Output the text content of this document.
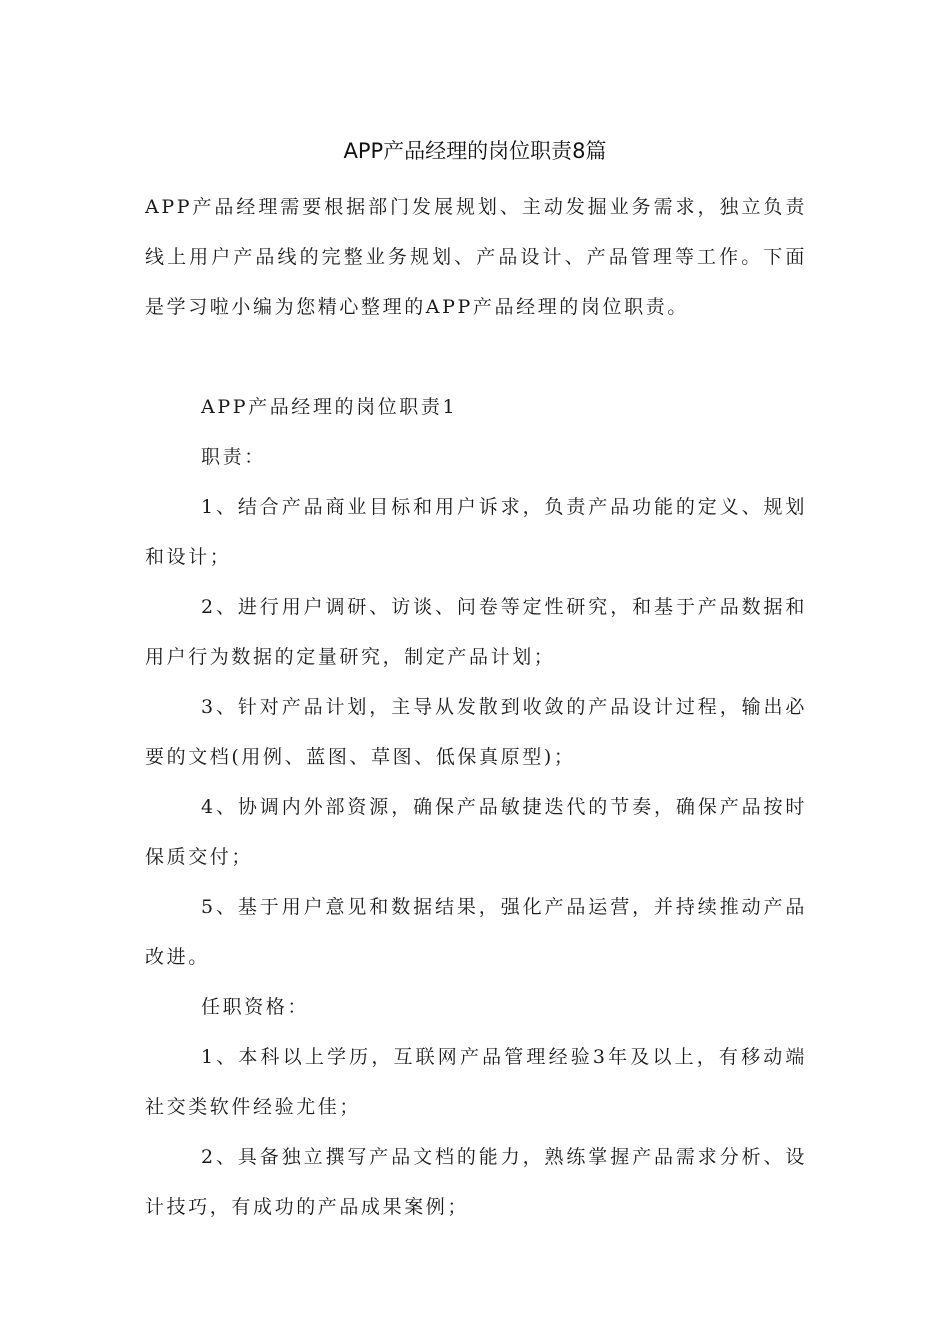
APP产品经理的岗位职责8篇

APP产品经理需要根据部门发展规划、主动发掘业务需求，独立负责线上用户产品线的完整业务规划、产品设计、产品管理等工作。下面是学习啦小编为您精心整理的APP产品经理的岗位职责。

APP产品经理的岗位职责1

职责：

1、结合产品商业目标和用户诉求，负责产品功能的定义、规划和设计；

2、进行用户调研、访谈、问卷等定性研究，和基于产品数据和用户行为数据的定量研究，制定产品计划；

3、针对产品计划，主导从发散到收敛的产品设计过程，输出必要的文档(用例、蓝图、草图、低保真原型)；

4、协调内外部资源，确保产品敏捷迭代的节奏，确保产品按时保质交付；

5、基于用户意见和数据结果，强化产品运营，并持续推动产品改进。

任职资格：

1、本科以上学历，互联网产品管理经验3年及以上，有移动端社交类软件经验尤佳；

2、具备独立撰写产品文档的能力，熟练掌握产品需求分析、设计技巧，有成功的产品成果案例；
